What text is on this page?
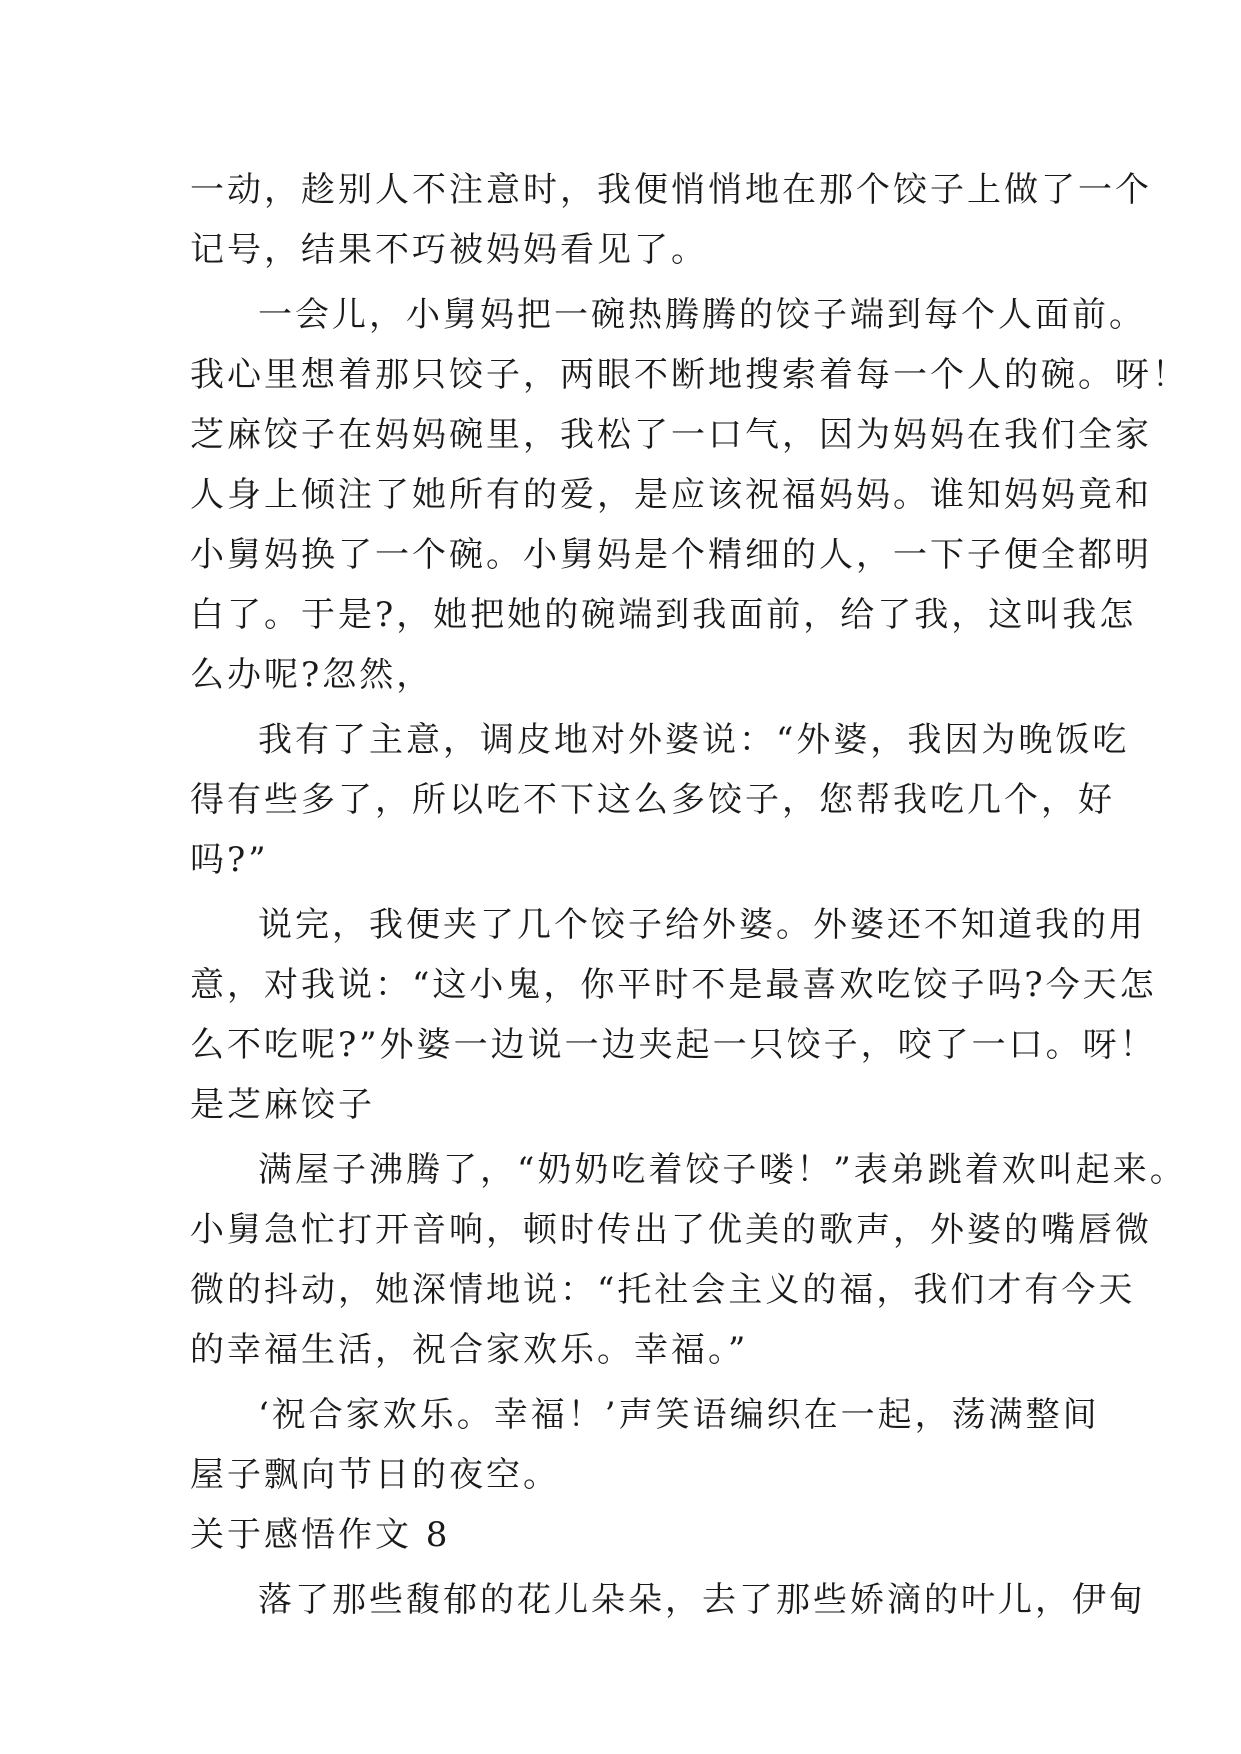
一动，趁别人不注意时，我便悄悄地在那个饺子上做了一个
记号，结果不巧被妈妈看见了。
一会儿，小舅妈把一碗热腾腾的饺子端到每个人面前。
我心里想着那只饺子，两眼不断地搜索着每一个人的碗。呀！
芝麻饺子在妈妈碗里，我松了一口气，因为妈妈在我们全家
人身上倾注了她所有的爱，是应该祝福妈妈。谁知妈妈竟和
小舅妈换了一个碗。小舅妈是个精细的人，一下子便全都明
白了。于是?，她把她的碗端到我面前，给了我，这叫我怎
么办呢?忽然，
我有了主意，调皮地对外婆说：“外婆，我因为晚饭吃
得有些多了，所以吃不下这么多饺子，您帮我吃几个，好
吗?”
说完，我便夹了几个饺子给外婆。外婆还不知道我的用
意，对我说：“这小鬼，你平时不是最喜欢吃饺子吗?今天怎
么不吃呢?”外婆一边说一边夹起一只饺子，咬了一口。呀！
是芝麻饺子
满屋子沸腾了，“奶奶吃着饺子喽！”表弟跳着欢叫起来。
小舅急忙打开音响，顿时传出了优美的歌声，外婆的嘴唇微
微的抖动，她深情地说：“托社会主义的福，我们才有今天
的幸福生活，祝合家欢乐。幸福。”
‘祝合家欢乐。幸福！’声笑语编织在一起，荡满整间
屋子飘向节日的夜空。
关于感悟作文 8
落了那些馥郁的花儿朵朵，去了那些娇滴的叶儿，伊甸
